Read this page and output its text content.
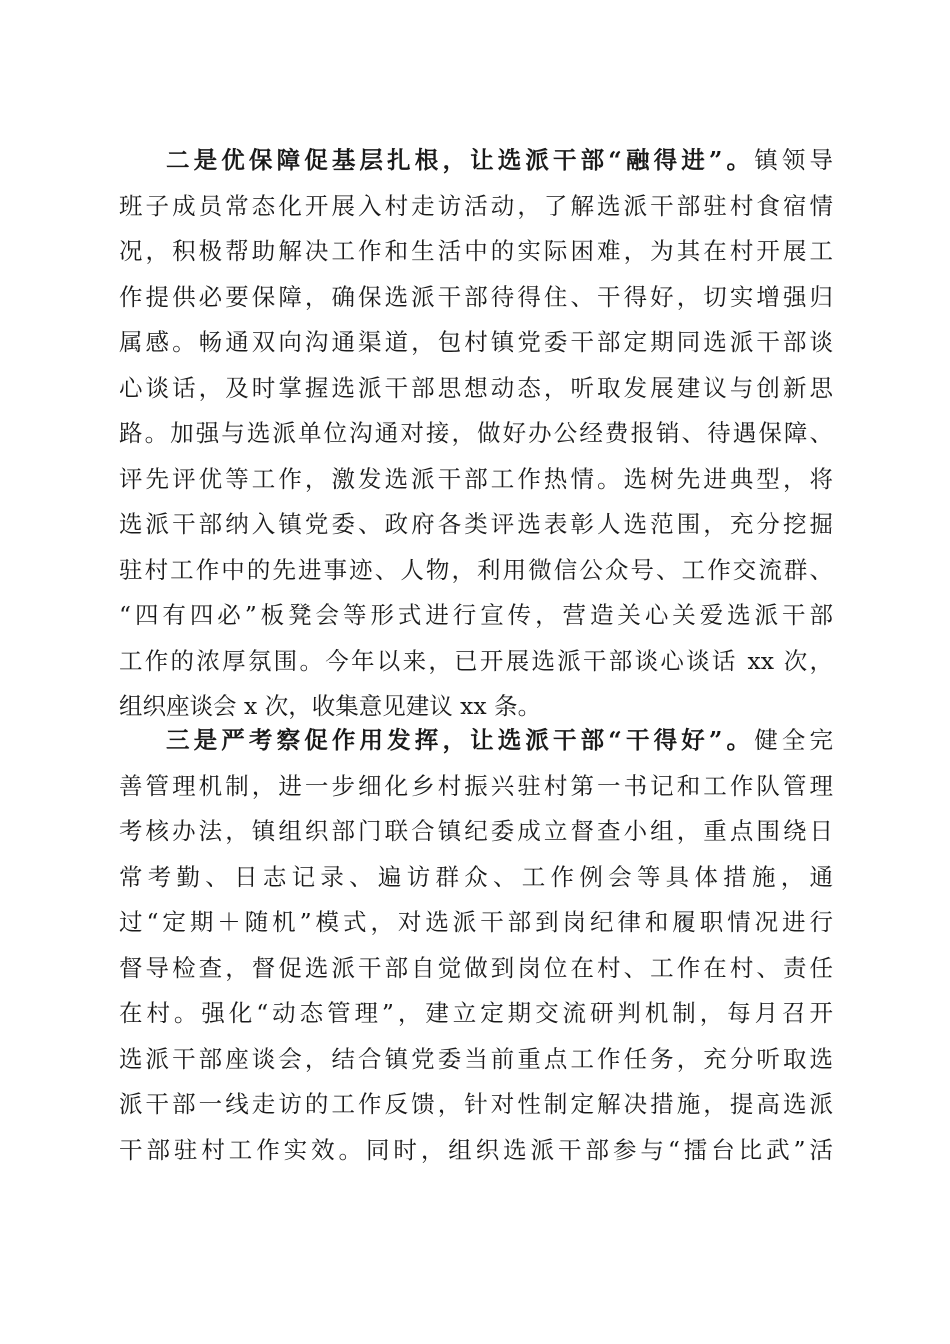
二是优保障促基层扎根，让选派干部“融得进”。镇领导
班子成员常态化开展入村走访活动，了解选派干部驻村食宿情
况，积极帮助解决工作和生活中的实际困难，为其在村开展工
作提供必要保障，确保选派干部待得住、干得好，切实增强归
属感。畅通双向沟通渠道，包村镇党委干部定期同选派干部谈
心谈话，及时掌握选派干部思想动态，听取发展建议与创新思
路。加强与选派单位沟通对接，做好办公经费报销、待遇保障、
评先评优等工作，激发选派干部工作热情。选树先进典型，将
选派干部纳入镇党委、政府各类评选表彰人选范围，充分挖掘
驻村工作中的先进事迹、人物，利用微信公众号、工作交流群、
“四有四必”板凳会等形式进行宣传，营造关心关爱选派干部
工作的浓厚氛围。今年以来，已开展选派干部谈心谈话 xx 次，
组织座谈会 x 次，收集意见建议 xx 条。
三是严考察促作用发挥，让选派干部“干得好”。健全完
善管理机制，进一步细化乡村振兴驻村第一书记和工作队管理
考核办法，镇组织部门联合镇纪委成立督查小组，重点围绕日
常考勤、日志记录、遍访群众、工作例会等具体措施，通
过“定期＋随机”模式，对选派干部到岗纪律和履职情况进行
督导检查，督促选派干部自觉做到岗位在村、工作在村、责任
在村。强化“动态管理”，建立定期交流研判机制，每月召开
选派干部座谈会，结合镇党委当前重点工作任务，充分听取选
派干部一线走访的工作反馈，针对性制定解决措施，提高选派
干部驻村工作实效。同时，组织选派干部参与“擂台比武”活
